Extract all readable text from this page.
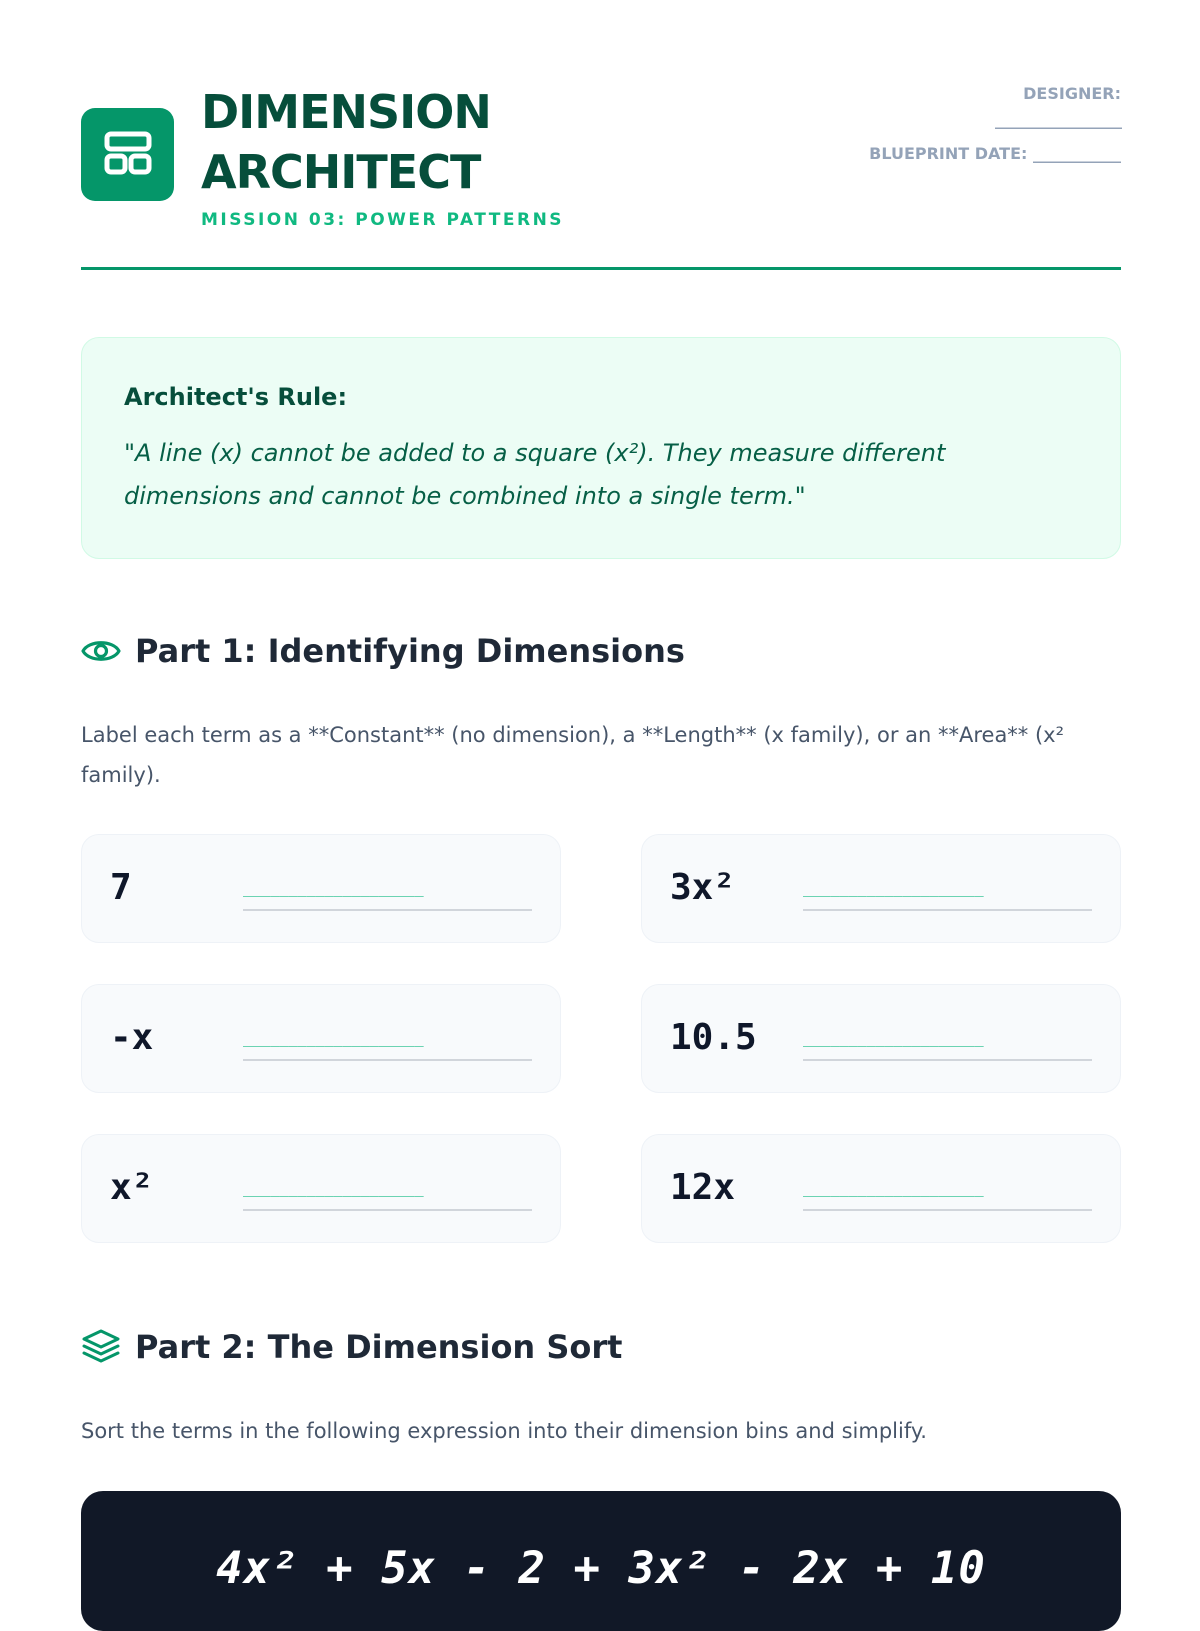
DIMENSION
ARCHITECT
MISSION 03: POWER PATTERNS
DESIGNER:
__________________
BLUEPRINT DATE: ___________
Architect's Rule:
"A line (x) cannot be added to a square (x²). They measure different dimensions and cannot be combined into a single term."
Part 1: Identifying Dimensions
Label each term as a **Constant** (no dimension), a **Length** (x family), or an **Area** (x² family).
7	____________________	3x²	____________________
-x	____________________	10.5	____________________
x²	____________________	12x	____________________
Part 2: The Dimension Sort
Sort the terms in the following expression into their dimension bins and simplify.
4x² + 5x - 2 + 3x² - 2x + 10
